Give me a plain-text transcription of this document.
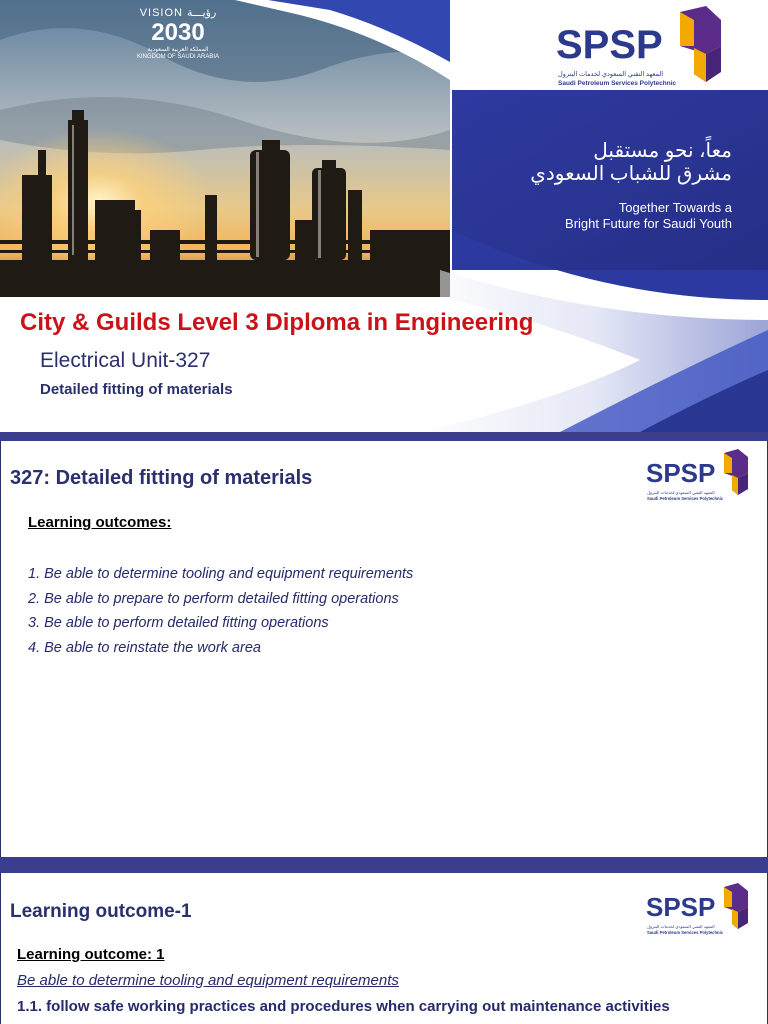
VISION رؤيـــة
2030
المملكة العربية السعودية
KINGDOM OF SAUDI ARABIA	SPSP
المعهد التقني السعودي لخدمات البترول
Saudi Petroleum Services Polytechnic
معاً، نحو مستقبل
مشرق للشباب السعودي
Together Towards a
Bright Future for Saudi Youth
City & Guilds Level 3 Diploma in Engineering
Electrical Unit-327
Detailed fitting of materials
327: Detailed fitting of materials	SPSP
المعهد التقني السعودي لخدمات البترول
Saudi Petroleum Services Polytechnic
Learning outcomes:
1. Be able to determine tooling and equipment requirements
2. Be able to prepare to perform detailed fitting operations
3. Be able to perform detailed fitting operations
4. Be able to reinstate the work area
Learning outcome-1	SPSP
المعهد التقني السعودي لخدمات البترول
Saudi Petroleum Services Polytechnic
Learning outcome: 1
Be able to determine tooling and equipment requirements
1.1. follow safe working practices and procedures when carrying out maintenance activities
